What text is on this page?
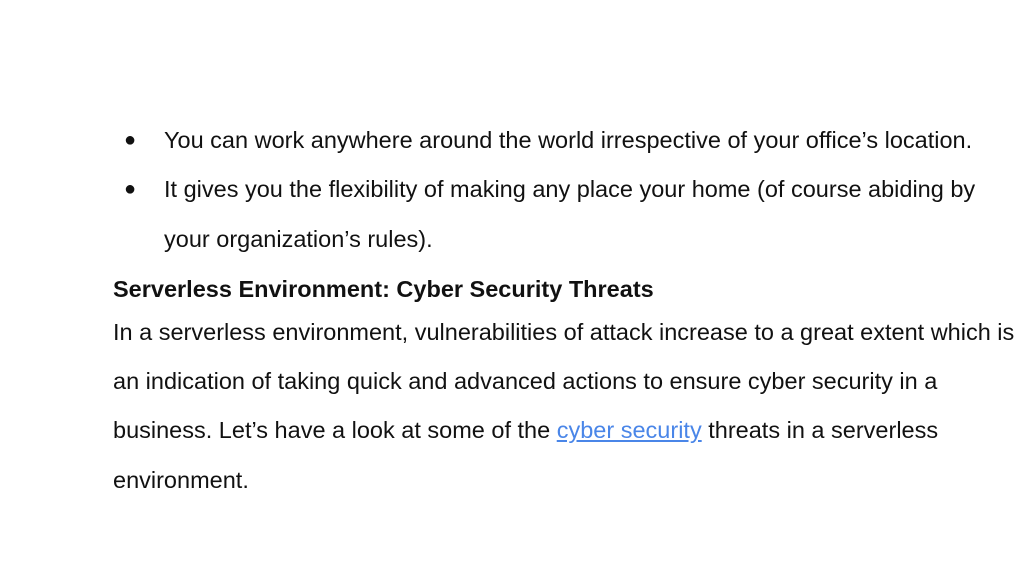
● You can work anywhere around the world irrespective of your office’s location.
● It gives you the flexibility of making any place your home (of course abiding by your organization’s rules).
Serverless Environment: Cyber Security Threats

In a serverless environment, vulnerabilities of attack increase to a great extent which is an indication of taking quick and advanced actions to ensure cyber security in a business. Let’s have a look at some of the cyber security threats in a serverless environment.
